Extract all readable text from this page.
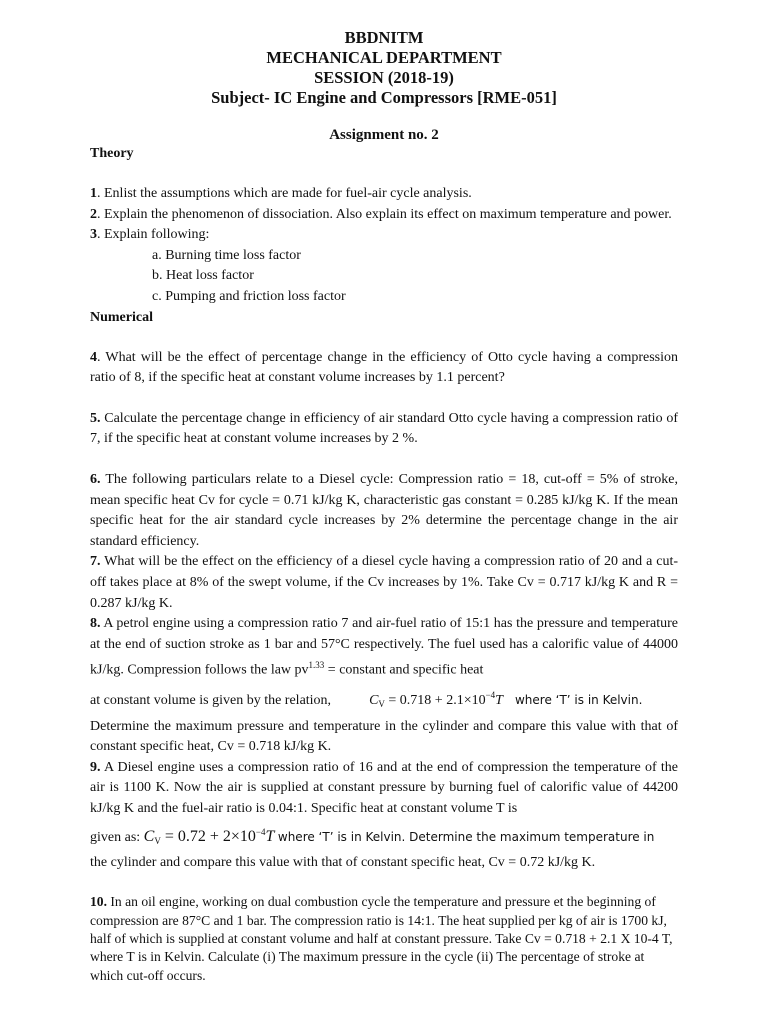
BBDNITM
MECHANICAL DEPARTMENT
SESSION (2018-19)
Subject- IC Engine and Compressors [RME-051]
Assignment no. 2
Theory
1. Enlist the assumptions which are made for fuel-air cycle analysis.
2. Explain the phenomenon of dissociation. Also explain its effect on maximum temperature and power.
3. Explain following:
a. Burning time loss factor
b. Heat loss factor
c. Pumping and friction loss factor
Numerical
4. What will be the effect of percentage change in the efficiency of Otto cycle having a compression ratio of 8, if the specific heat at constant volume increases by 1.1 percent?
5. Calculate the percentage change in efficiency of air standard Otto cycle having a compression ratio of 7, if the specific heat at constant volume increases by 2 %.
6. The following particulars relate to a Diesel cycle: Compression ratio = 18, cut-off = 5% of stroke, mean specific heat Cv for cycle = 0.71 kJ/kg K, characteristic gas constant = 0.285 kJ/kg K. If the mean specific heat for the air standard cycle increases by 2% determine the percentage change in the air standard efficiency.
7. What will be the effect on the efficiency of a diesel cycle having a compression ratio of 20 and a cut-off takes place at 8% of the swept volume, if the Cv increases by 1%. Take Cv = 0.717 kJ/kg K and R = 0.287 kJ/kg K.
8. A petrol engine using a compression ratio 7 and air-fuel ratio of 15:1 has the pressure and temperature at the end of suction stroke as 1 bar and 57°C respectively. The fuel used has a calorific value of 44000 kJ/kg. Compression follows the law $pv^{1.33}$ = constant and specific heat
at constant volume is given by the relation,	$C_V = 0.718 + 2.1\times 10^{-4}T$ where ‘T’ is in Kelvin.
Determine the maximum pressure and temperature in the cylinder and compare this value with that of constant specific heat, Cv = 0.718 kJ/kg K.
9. A Diesel engine uses a compression ratio of 16 and at the end of compression the temperature of the air is 1100 K. Now the air is supplied at constant pressure by burning fuel of calorific value of 44200 kJ/kg K and the fuel-air ratio is 0.04:1. Specific heat at constant volume T is
given as: CV = $0.72 + 2\times 10^{-4}T$ where ‘T’ is in Kelvin. Determine the maximum temperature in
the cylinder and compare this value with that of constant specific heat, Cv = 0.72 kJ/kg K.
10. In an oil engine, working on dual combustion cycle the temperature and pressure et the beginning of compression are 87°C and 1 bar. The compression ratio is 14:1. The heat supplied per kg of air is 1700 kJ, half of which is supplied at constant volume and half at constant pressure. Take Cv = 0.718 + 2.1 X 10-4 T, where T is in Kelvin. Calculate (i) The maximum pressure in the cycle (ii) The percentage of stroke at which cut-off occurs.
